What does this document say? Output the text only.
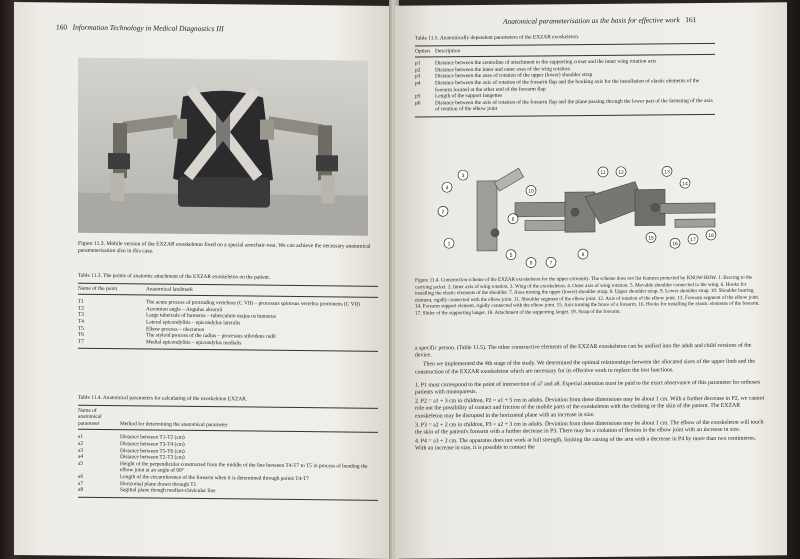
160 Information Technology in Medical Diagnostics III
Figure 11.3. Mobile version of the EXZAR exoskeleton fixed on a special armchair-vest. We can achieve the necessary anatomical parameterisation also in this case.
Table 11.3. The points of anatomic attachment of the EXZAR exoskeleton on the patient.
Name of the point	Anatomical landmark
T1	The acute process of protruding vertebrae (C VII) – processus spinosus vertebra prominens (C VII)
T2	Acromion angle – Angulus akromii
T3	Large tubercule of humerus – tuberculum majus os humerus
T4	Lateral epicondylitis – epicondylus lateralis
T5	Elbow process – olecranon
T6	The styloid process of the radius – processus stiloideus radii
T7	Medial epicondylitis – epicondylus medialis
Table 11.4. Anatomical parameters for calculating of the exoskeleton EXZAR.
Name of anatomical parameter	Method for determining the anatomical parameter
a1	Distance between T1-T2 (cm)
a2	Distance between T3-T4 (cm)
a3	Distance between T5-T6 (cm)
a4	Distance between T2-T3 (cm)
a5	Height of the perpendicular constructed from the middle of the line between T4-T7 to T5 in process of bending the elbow joint at an angle of 90°
a6	Length of the circumference of the forearm when it is determined through points T4-T7
a7	Horizontal plane drawn through T1
a8	Sagittal plane though median-clavicular line
Anatomical parameterisation as the basis for effective work 161
Table 11.5. Anatomically dependent parameters of the EXZAR exoskeleton.
Option Description
p1	Distance between the centreline of attachment to the supporting corset and the inner wing rotation axis
p2	Distance between the inner and outer axes of the wing rotation
p3	Distance between the axes of rotation of the upper (lower) shoulder strap
p4	Distance between the axis of rotation of the forearm flap and the hooking axis for the installation of elastic elements of the forearm located at the other end of the forearm flap
p5	Length of the support langettes
p6	Distance between the axis of rotation of the forearm flap and the plane passing through the lower part of the fastening of the axis of rotation of the elbow joint
3
4
2
1
5
9	7
6
10
8
11	12	13
14
15
16
17
18
Figure 11.4. Construction scheme of the EXZAR exoskeleton for the upper extremity. The scheme does not list features protected by KNOW-HOW. 1. Bracing to the carrying jacket. 2. Inner axis of wing rotation. 3. Wing of the exoskeleton. 4. Outer axis of wing rotation. 5. Movable shoulder connected to the wing. 6. Hooks for installing the elastic elements of the shoulder. 7. Axes turning the upper (lower) shoulder strap. 8. Upper shoulder strap. 9. Lower shoulder strap. 10. Shoulder bearing element, rigidly connected with the elbow joint. 11. Shoulder segment of the elbow joint. 12. Axis of rotation of the elbow joint. 13. Forearm segment of the elbow joint. 14. Forearm support element, rigidly connected with the elbow joint. 15. Axis turning the brace of a forearm. 16. Hooks for installing the elastic elements of the forearm. 17. Slider of the supporting langet. 18. Attachment of the supporting langet. 19. Strap of the forearm.

a specific person. (Table 11.5). The other constructive elements of the EXZAR exoskeleton can be unified into the adult and child versions of the device.

Then we implemented the 4th stage of the study. We determined the optimal relationships between the allocated sizes of the upper limb and the construction of the EXZAR exoskeleton which are necessary for its effective work to replace the lost functions.

1. P1 must correspond to the point of intersection of a7 and a8. Especial attention must be paid to the exact observance of this parameter for orthoses patients with monoparesis.

2. P2 = a1 + 3 cm in children, P2 = a1 + 5 cm in adults. Deviation from these dimensions may be about 1 cm. With a further decrease in P2, we cannot rule out the possibility of contact and friction of the mobile parts of the exoskeleton with the clothing or the skin of the patient. The EXZAR exoskeleton may be disrupted in the horizontal plane with an increase in size.

3. P3 = a2 + 2 cm in children, P3 = a2 + 3 cm in adults. Deviation from these dimensions may be about 1 cm. The elbow of the exoskeleton will touch the skin of the patient's forearm with a further decrease in P3. There may be a violation of flexion in the elbow joint with an increase in size.

4. P4 = a3 + 2 cm. The apparatus does not work at full strength, limiting the raising of the arm with a decrease in P4 by more than two centimetres. With an increase in size, it is possible to contact the
